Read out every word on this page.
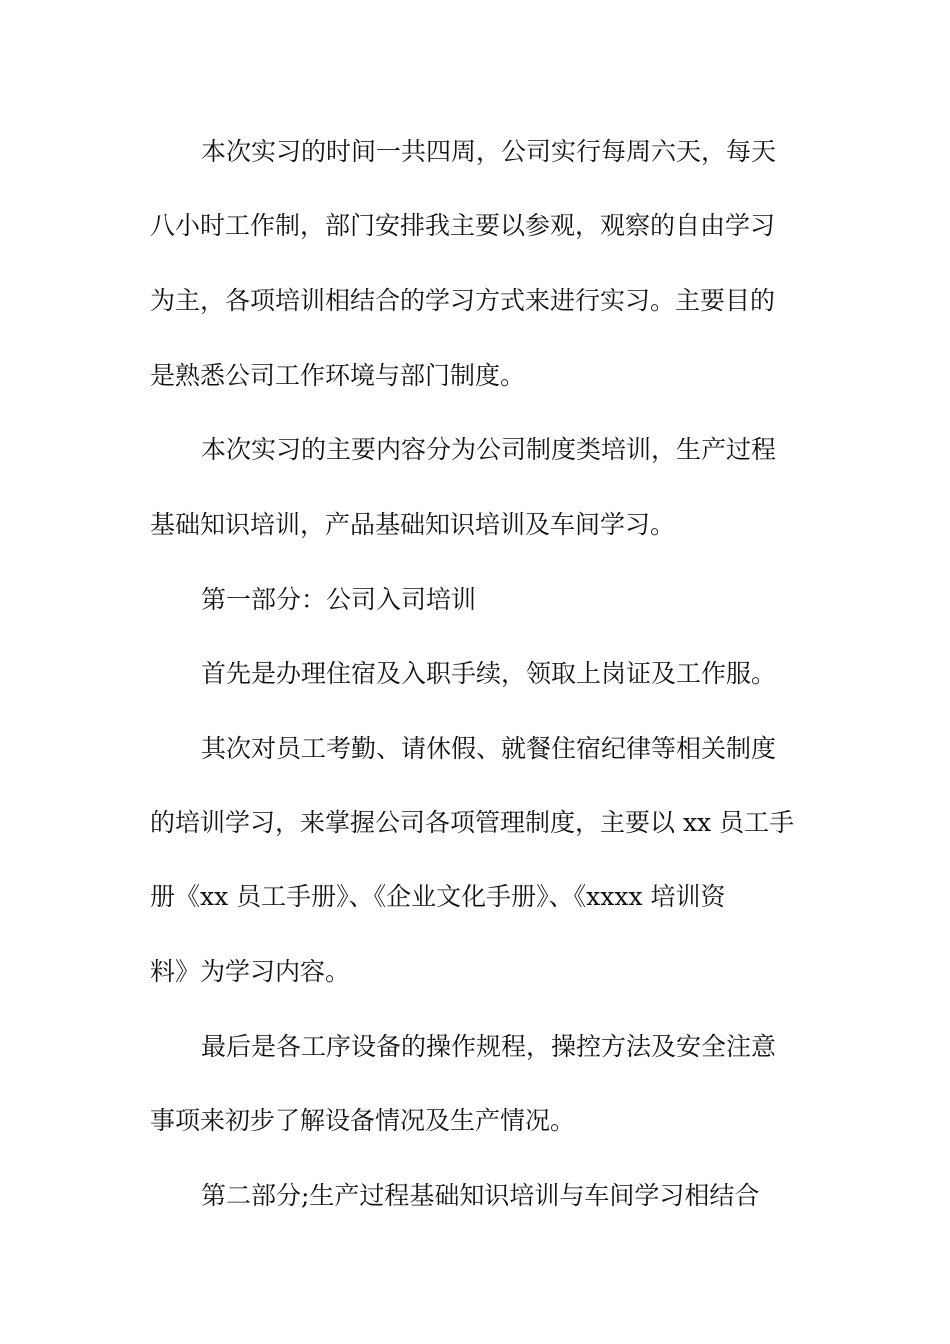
本次实习的时间一共四周，公司实行每周六天，每天
八小时工作制，部门安排我主要以参观，观察的自由学习
为主，各项培训相结合的学习方式来进行实习。主要目的
是熟悉公司工作环境与部门制度。
本次实习的主要内容分为公司制度类培训，生产过程
基础知识培训，产品基础知识培训及车间学习。
第一部分：公司入司培训
首先是办理住宿及入职手续，领取上岗证及工作服。
其次对员工考勤、请休假、就餐住宿纪律等相关制度
的培训学习，来掌握公司各项管理制度，主要以 xx 员工手
册《xx 员工手册》、《企业文化手册》、《xxxx 培训资
料》为学习内容。
最后是各工序设备的操作规程，操控方法及安全注意
事项来初步了解设备情况及生产情况。
第二部分;生产过程基础知识培训与车间学习相结合
